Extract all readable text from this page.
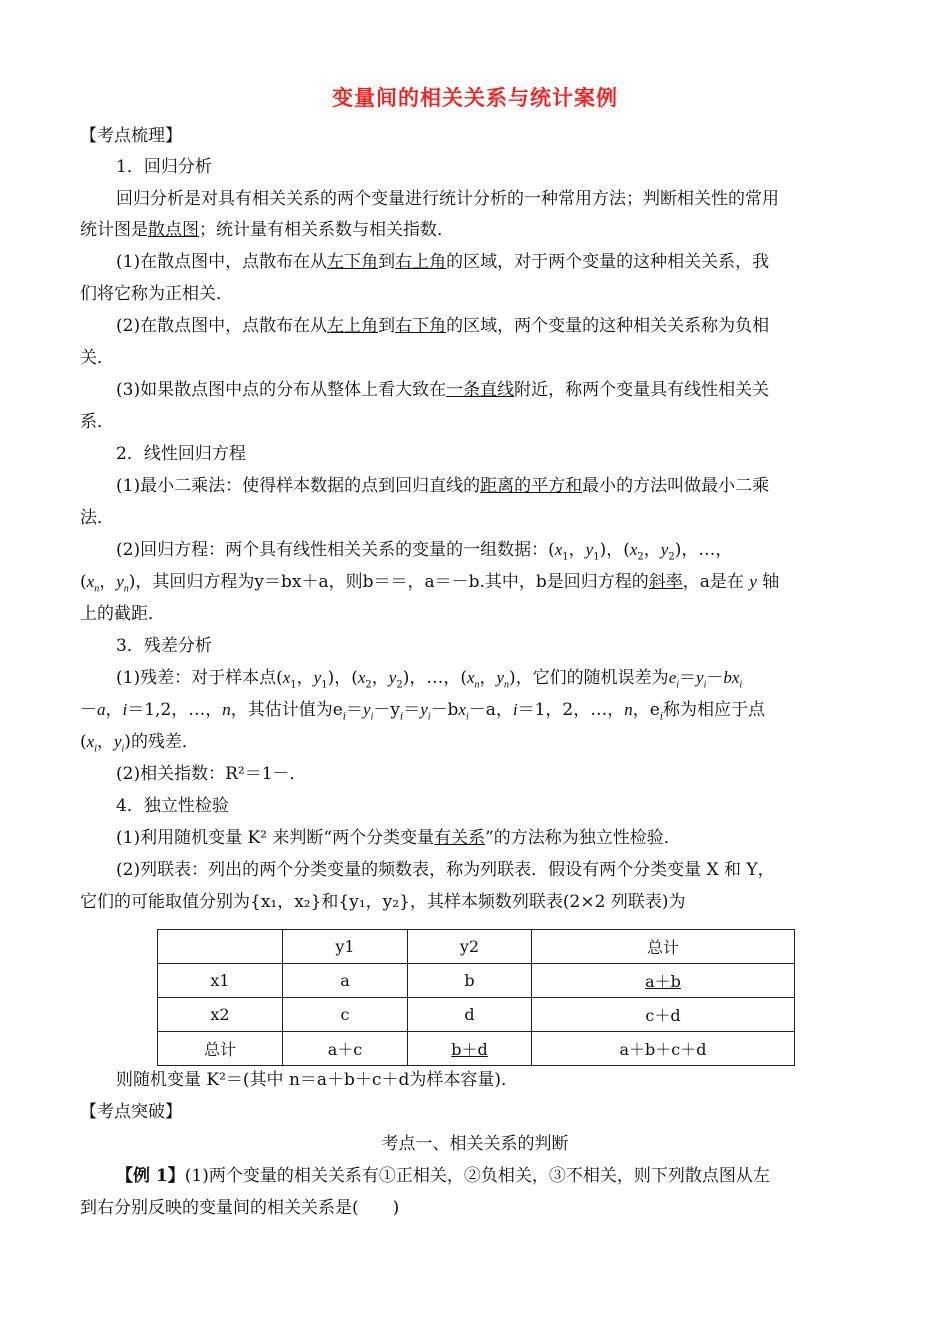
变量间的相关关系与统计案例
【考点梳理】
1．回归分析
回归分析是对具有相关关系的两个变量进行统计分析的一种常用方法；判断相关性的常用
统计图是散点图；统计量有相关系数与相关指数．
(1)在散点图中，点散布在从左下角到右上角的区域，对于两个变量的这种相关关系，我
们将它称为正相关．
(2)在散点图中，点散布在从左上角到右下角的区域，两个变量的这种相关关系称为负相
关．
(3)如果散点图中点的分布从整体上看大致在一条直线附近，称两个变量具有线性相关关
系．
2．线性回归方程
(1)最小二乘法：使得样本数据的点到回归直线的距离的平方和最小的方法叫做最小二乘
法．
(2)回归方程：两个具有线性相关关系的变量的一组数据：($x_1$，$y_1$)，($x_2$，$y_2$)，…，
($x_n$，$y_n$)，其回归方程为y＝bx＋a，则b＝＝，a＝－b.其中，b是回归方程的斜率，a是在 y 轴
上的截距．
3．残差分析
(1)残差：对于样本点($x_1$，$y_1$)，($x_2$，$y_2$)，…，($x_n$，$y_n$)，它们的随机误差为$e_i=y_i-bx_i$
－a，i＝1,2，…，n，其估计值为$e_i=y_i-y_i=y_i-bx_i-a$，i＝1，2，…，n，$e_i$称为相应于点
($x_i$，$y_i$)的残差．
(2)相关指数：R²＝1－．
4．独立性检验
(1)利用随机变量 K² 来判断“两个分类变量有关系”的方法称为独立性检验．
(2)列联表：列出的两个分类变量的频数表，称为列联表．假设有两个分类变量 X 和 Y，
它们的可能取值分别为{x₁，x₂}和{y₁，y₂}，其样本频数列联表(2×2 列联表)为
	y1	y2	总计
x1	a	b	a＋b
x2	c	d	c＋d
总计	a＋c	b＋d	a＋b＋c＋d
则随机变量 K²＝(其中 n＝a＋b＋c＋d为样本容量)．
【考点突破】
考点一、相关关系的判断
【例 1】(1)两个变量的相关关系有①正相关，②负相关，③不相关，则下列散点图从左
到右分别反映的变量间的相关关系是(　　)
